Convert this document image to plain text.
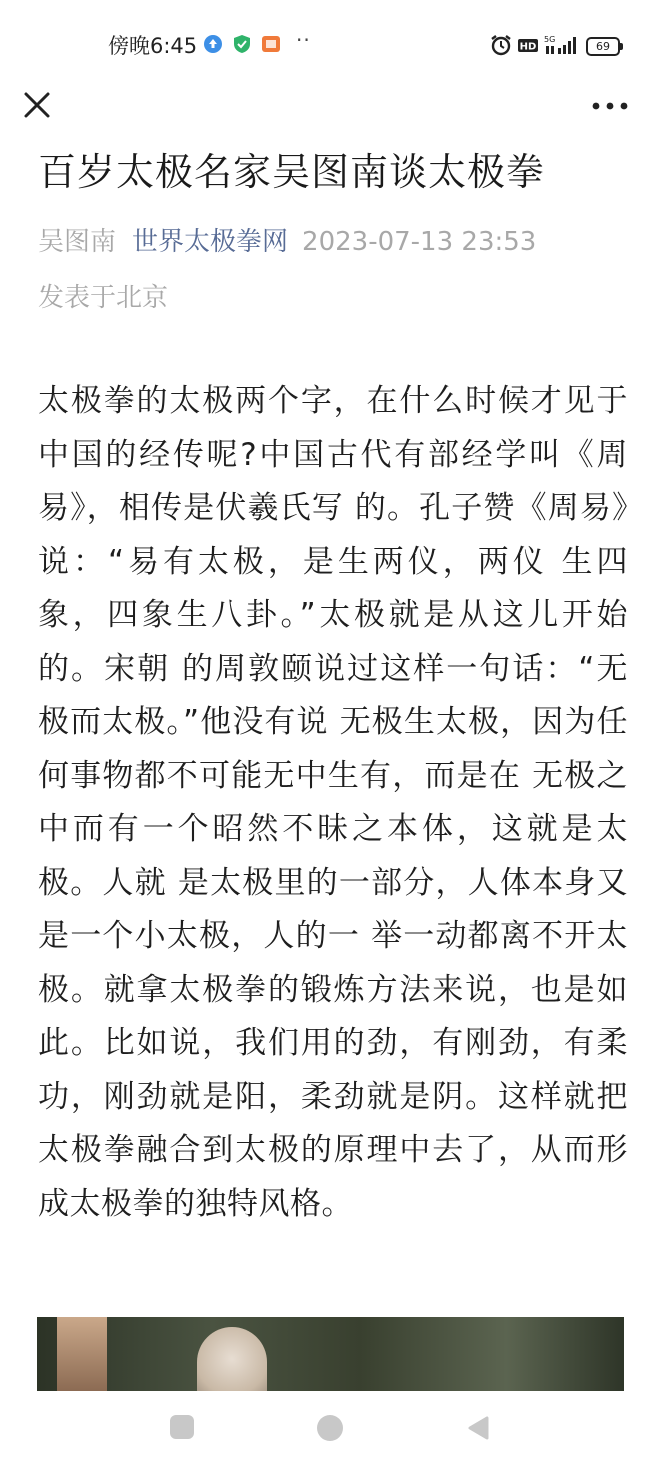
傍晚6:45	··	HD
5G
69
百岁太极名家吴图南谈太极拳
吴图南 世界太极拳网 2023-07-13 23:53
发表于北京
太极拳的太极两个字，在什么时候才见于中国的经传呢?中国古代有部经学叫《周易》，相传是伏羲氏写 的。孔子赞《周易》说：“易有太极，是生两仪，两仪 生四象，四象生八卦。”太极就是从这儿开始的。宋朝 的周敦颐说过这样一句话：“无极而太极。”他没有说 无极生太极，因为任何事物都不可能无中生有，而是在 无极之中而有一个昭然不昧之本体，这就是太极。人就 是太极里的一部分，人体本身又是一个小太极，人的一 举一动都离不开太极。就拿太极拳的锻炼方法来说，也是如此。比如说，我们用的劲，有刚劲，有柔功，刚劲就是阳，柔劲就是阴。这样就把太极拳融合到太极的原理中去了，从而形成太极拳的独特风格。
